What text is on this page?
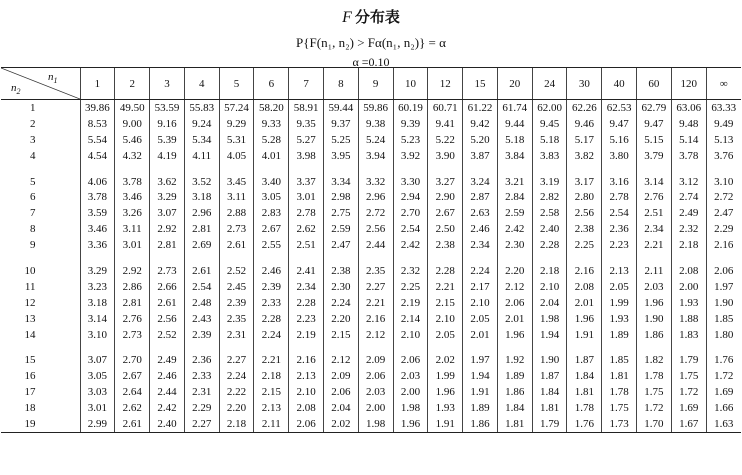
F 分布表
P{F(n₁, n₂) > Fα(n₁, n₂)} = α
α =0.10
$n_1$
$n_2$	1	2	3	4	5	6	7	8	9	10	12	15	20	24	30	40	60	120	∞
1	39.86	49.50	53.59	55.83	57.24	58.20	58.91	59.44	59.86	60.19	60.71	61.22	61.74	62.00	62.26	62.53	62.79	63.06	63.33
2	8.53	9.00	9.16	9.24	9.29	9.33	9.35	9.37	9.38	9.39	9.41	9.42	9.44	9.45	9.46	9.47	9.47	9.48	9.49
3	5.54	5.46	5.39	5.34	5.31	5.28	5.27	5.25	5.24	5.23	5.22	5.20	5.18	5.18	5.17	5.16	5.15	5.14	5.13
4	4.54	4.32	4.19	4.11	4.05	4.01	3.98	3.95	3.94	3.92	3.90	3.87	3.84	3.83	3.82	3.80	3.79	3.78	3.76

5	4.06	3.78	3.62	3.52	3.45	3.40	3.37	3.34	3.32	3.30	3.27	3.24	3.21	3.19	3.17	3.16	3.14	3.12	3.10
6	3.78	3.46	3.29	3.18	3.11	3.05	3.01	2.98	2.96	2.94	2.90	2.87	2.84	2.82	2.80	2.78	2.76	2.74	2.72
7	3.59	3.26	3.07	2.96	2.88	2.83	2.78	2.75	2.72	2.70	2.67	2.63	2.59	2.58	2.56	2.54	2.51	2.49	2.47
8	3.46	3.11	2.92	2.81	2.73	2.67	2.62	2.59	2.56	2.54	2.50	2.46	2.42	2.40	2.38	2.36	2.34	2.32	2.29
9	3.36	3.01	2.81	2.69	2.61	2.55	2.51	2.47	2.44	2.42	2.38	2.34	2.30	2.28	2.25	2.23	2.21	2.18	2.16

10	3.29	2.92	2.73	2.61	2.52	2.46	2.41	2.38	2.35	2.32	2.28	2.24	2.20	2.18	2.16	2.13	2.11	2.08	2.06
11	3.23	2.86	2.66	2.54	2.45	2.39	2.34	2.30	2.27	2.25	2.21	2.17	2.12	2.10	2.08	2.05	2.03	2.00	1.97
12	3.18	2.81	2.61	2.48	2.39	2.33	2.28	2.24	2.21	2.19	2.15	2.10	2.06	2.04	2.01	1.99	1.96	1.93	1.90
13	3.14	2.76	2.56	2.43	2.35	2.28	2.23	2.20	2.16	2.14	2.10	2.05	2.01	1.98	1.96	1.93	1.90	1.88	1.85
14	3.10	2.73	2.52	2.39	2.31	2.24	2.19	2.15	2.12	2.10	2.05	2.01	1.96	1.94	1.91	1.89	1.86	1.83	1.80

15	3.07	2.70	2.49	2.36	2.27	2.21	2.16	2.12	2.09	2.06	2.02	1.97	1.92	1.90	1.87	1.85	1.82	1.79	1.76
16	3.05	2.67	2.46	2.33	2.24	2.18	2.13	2.09	2.06	2.03	1.99	1.94	1.89	1.87	1.84	1.81	1.78	1.75	1.72
17	3.03	2.64	2.44	2.31	2.22	2.15	2.10	2.06	2.03	2.00	1.96	1.91	1.86	1.84	1.81	1.78	1.75	1.72	1.69
18	3.01	2.62	2.42	2.29	2.20	2.13	2.08	2.04	2.00	1.98	1.93	1.89	1.84	1.81	1.78	1.75	1.72	1.69	1.66
19	2.99	2.61	2.40	2.27	2.18	2.11	2.06	2.02	1.98	1.96	1.91	1.86	1.81	1.79	1.76	1.73	1.70	1.67	1.63
